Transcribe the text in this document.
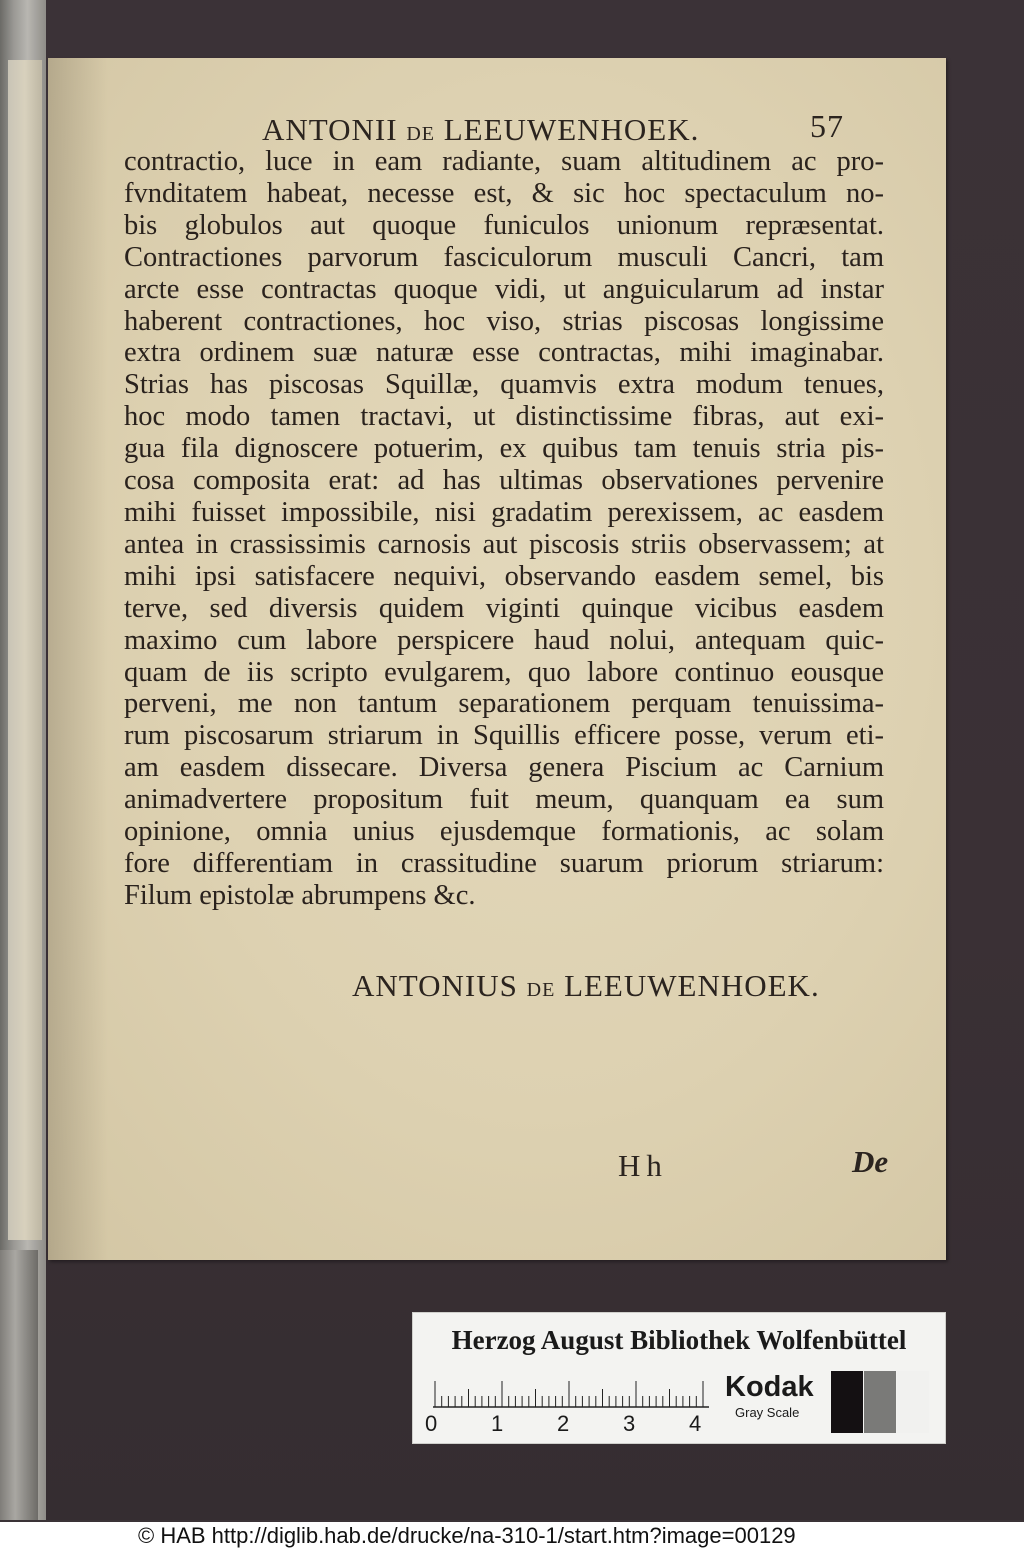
ANTONII DE LEEUWENHOEK.	57
contractio, luce in eam radiante, suam altitudinem ac pro-
fvnditatem habeat, necesse est, & sic hoc spectaculum no-
bis globulos aut quoque funiculos unionum repræsentat.
Contractiones parvorum fasciculorum musculi Cancri, tam
arcte esse contractas quoque vidi, ut anguicularum ad instar
haberent contractiones, hoc viso, strias piscosas longissime
extra ordinem suæ naturæ esse contractas, mihi imaginabar.
Strias has piscosas Squillæ, quamvis extra modum tenues,
hoc modo tamen tractavi, ut distinctissime fibras, aut exi-
gua fila dignoscere potuerim, ex quibus tam tenuis stria pis-
cosa composita erat: ad has ultimas observationes pervenire
mihi fuisset impossibile, nisi gradatim perexissem, ac easdem
antea in crassissimis carnosis aut piscosis striis observassem; at
mihi ipsi satisfacere nequivi, observando easdem semel, bis
terve, sed diversis quidem viginti quinque vicibus easdem
maximo cum labore perspicere haud nolui, antequam quic-
quam de iis scripto evulgarem, quo labore continuo eousque
perveni, me non tantum separationem perquam tenuissima-
rum piscosarum striarum in Squillis efficere posse, verum eti-
am easdem dissecare. Diversa genera Piscium ac Carnium
animadvertere propositum fuit meum, quanquam ea sum
opinione, omnia unius ejusdemque formationis, ac solam
fore differentiam in crassitudine suarum priorum striarum:
Filum epistolæ abrumpens &c.
ANTONIUS DE LEEUWENHOEK.
Hh	De
Herzog August Bibliothek Wolfenbüttel
0 1 2 3 4
Kodak
Gray Scale
© HAB http://diglib.hab.de/drucke/na-310-1/start.htm?image=00129
